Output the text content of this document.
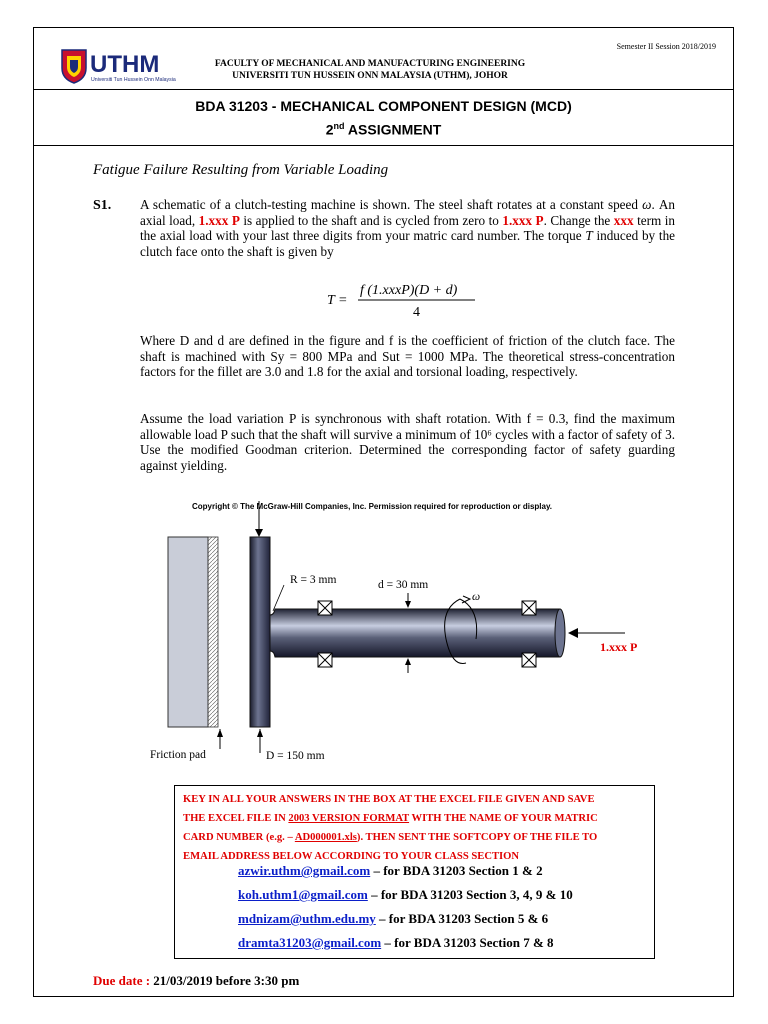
Semester II Session 2018/2019
UTHM
Universiti Tun Hussein Onn Malaysia
FACULTY OF MECHANICAL AND MANUFACTURING ENGINEERING
UNIVERSITI TUN HUSSEIN ONN MALAYSIA (UTHM), JOHOR
BDA 31203 - MECHANICAL COMPONENT DESIGN (MCD)
2nd ASSIGNMENT
Fatigue Failure Resulting from Variable Loading
S1. A schematic of a clutch-testing machine is shown. The steel shaft rotates at a constant speed ω. An axial load, 1.xxx P is applied to the shaft and is cycled from zero to 1.xxx P. Change the xxx term in the axial load with your last three digits from your matric card number. The torque T induced by the clutch face onto the shaft is given by
T =
f (1.xxxP)(D + d)
4
Where D and d are defined in the figure and f is the coefficient of friction of the clutch face. The shaft is machined with Sy = 800 MPa and Sut = 1000 MPa. The theoretical stress-concentration factors for the fillet are 3.0 and 1.8 for the axial and torsional loading, respectively.
Assume the load variation P is synchronous with shaft rotation. With f = 0.3, find the maximum allowable load P such that the shaft will survive a minimum of 10⁶ cycles with a factor of safety of 3. Use the modified Goodman criterion. Determined the corresponding factor of safety guarding against yielding.
Copyright © The McGraw-Hill Companies, Inc. Permission required for reproduction or display.
R = 3 mm	d = 30 mm
ω
1.xxx P
Friction pad	D = 150 mm
KEY IN ALL YOUR ANSWERS IN THE BOX AT THE EXCEL FILE GIVEN AND SAVE
THE EXCEL FILE IN 2003 VERSION FORMAT WITH THE NAME OF YOUR MATRIC
CARD NUMBER (e.g. – AD000001.xls). THEN SENT THE SOFTCOPY OF THE FILE TO
EMAIL ADDRESS BELOW ACCORDING TO YOUR CLASS SECTION
azwir.uthm@gmail.com – for BDA 31203 Section 1 & 2
koh.uthm1@gmail.com – for BDA 31203 Section 3, 4, 9 & 10
mdnizam@uthm.edu.my – for BDA 31203 Section 5 & 6
dramta31203@gmail.com – for BDA 31203 Section 7 & 8
Due date : 21/03/2019 before 3:30 pm
